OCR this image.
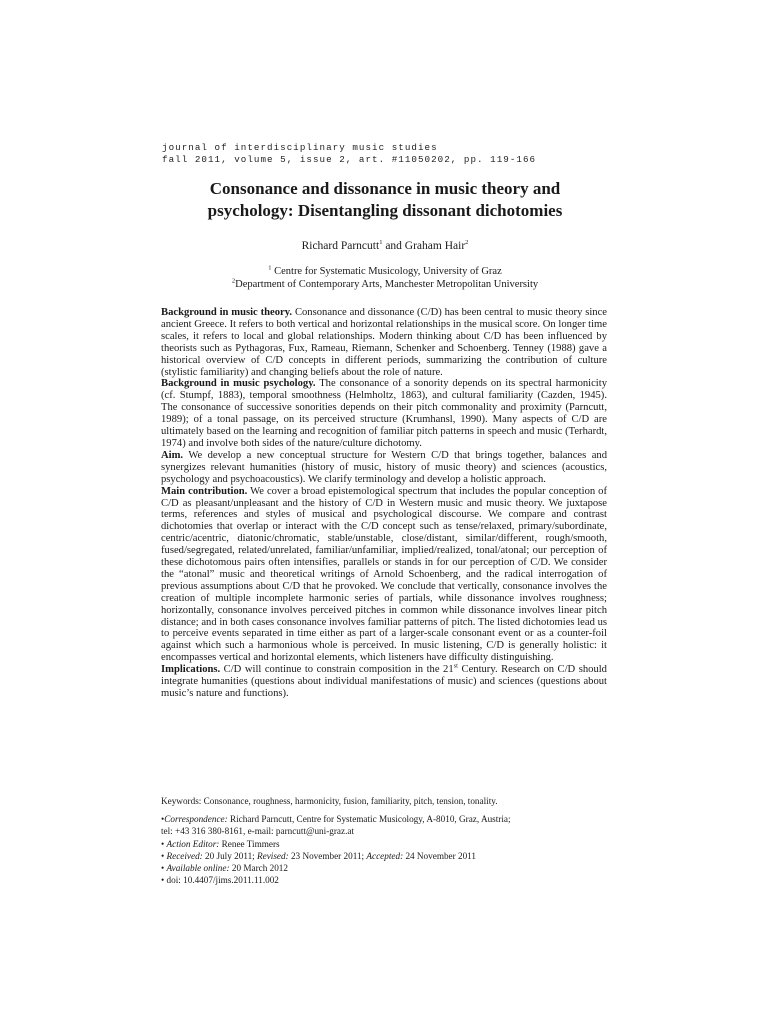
journal of interdisciplinary music studies
fall 2011, volume 5, issue 2, art. #11050202, pp. 119-166
Consonance and dissonance in music theory and
psychology: Disentangling dissonant dichotomies
Richard Parncutt$^1$ and Graham Hair$^2$
$^1$ Centre for Systematic Musicology, University of Graz
$^2$Department of Contemporary Arts, Manchester Metropolitan University

Background in music theory. Consonance and dissonance (C/D) has been central to music theory since ancient Greece. It refers to both vertical and horizontal relationships in the musical score. On longer time scales, it refers to local and global relationships. Modern thinking about C/D has been influenced by theorists such as Pythagoras, Fux, Rameau, Riemann, Schenker and Schoenberg. Tenney (1988) gave a historical overview of C/D concepts in different periods, summarizing the contribution of culture (stylistic familiarity) and changing beliefs about the role of nature.

Background in music psychology. The consonance of a sonority depends on its spectral harmonicity (cf. Stumpf, 1883), temporal smoothness (Helmholtz, 1863), and cultural familiarity (Cazden, 1945). The consonance of successive sonorities depends on their pitch commonality and proximity (Parncutt, 1989); of a tonal passage, on its perceived structure (Krumhansl, 1990). Many aspects of C/D are ultimately based on the learning and recognition of familiar pitch patterns in speech and music (Terhardt, 1974) and involve both sides of the nature/culture dichotomy.

Aim. We develop a new conceptual structure for Western C/D that brings together, balances and synergizes relevant humanities (history of music, history of music theory) and sciences (acoustics, psychology and psychoacoustics). We clarify terminology and develop a holistic approach.

Main contribution. We cover a broad epistemological spectrum that includes the popular conception of C/D as pleasant/unpleasant and the history of C/D in Western music and music theory. We juxtapose terms, references and styles of musical and psychological discourse. We compare and contrast dichotomies that overlap or interact with the C/D concept such as tense/relaxed, primary/subordinate, centric/acentric, diatonic/chromatic, stable/unstable, close/distant, similar/different, rough/smooth, fused/segregated, related/unrelated, familiar/unfamiliar, implied/realized, tonal/atonal; our perception of these dichotomous pairs often intensifies, parallels or stands in for our perception of C/D. We consider the “atonal” music and theoretical writings of Arnold Schoenberg, and the radical interrogation of previous assumptions about C/D that he provoked. We conclude that vertically, consonance involves the creation of multiple incomplete harmonic series of partials, while dissonance involves roughness; horizontally, consonance involves perceived pitches in common while dissonance involves linear pitch distance; and in both cases consonance involves familiar patterns of pitch. The listed dichotomies lead us to perceive events separated in time either as part of a larger-scale consonant event or as a counter-foil against which such a harmonious whole is perceived. In music listening, C/D is generally holistic: it encompasses vertical and horizontal elements, which listeners have difficulty distinguishing.

Implications. C/D will continue to constrain composition in the 21st Century. Research on C/D should integrate humanities (questions about individual manifestations of music) and sciences (questions about music’s nature and functions).

Keywords: Consonance, roughness, harmonicity, fusion, familiarity, pitch, tension, tonality.
•Correspondence: Richard Parncutt, Centre for Systematic Musicology, A-8010, Graz, Austria;
tel: +43 316 380-8161, e-mail: parncutt@uni-graz.at
• Action Editor: Renee Timmers
• Received: 20 July 2011; Revised: 23 November 2011; Accepted: 24 November 2011
• Available online: 20 March 2012
• doi: 10.4407/jims.2011.11.002
